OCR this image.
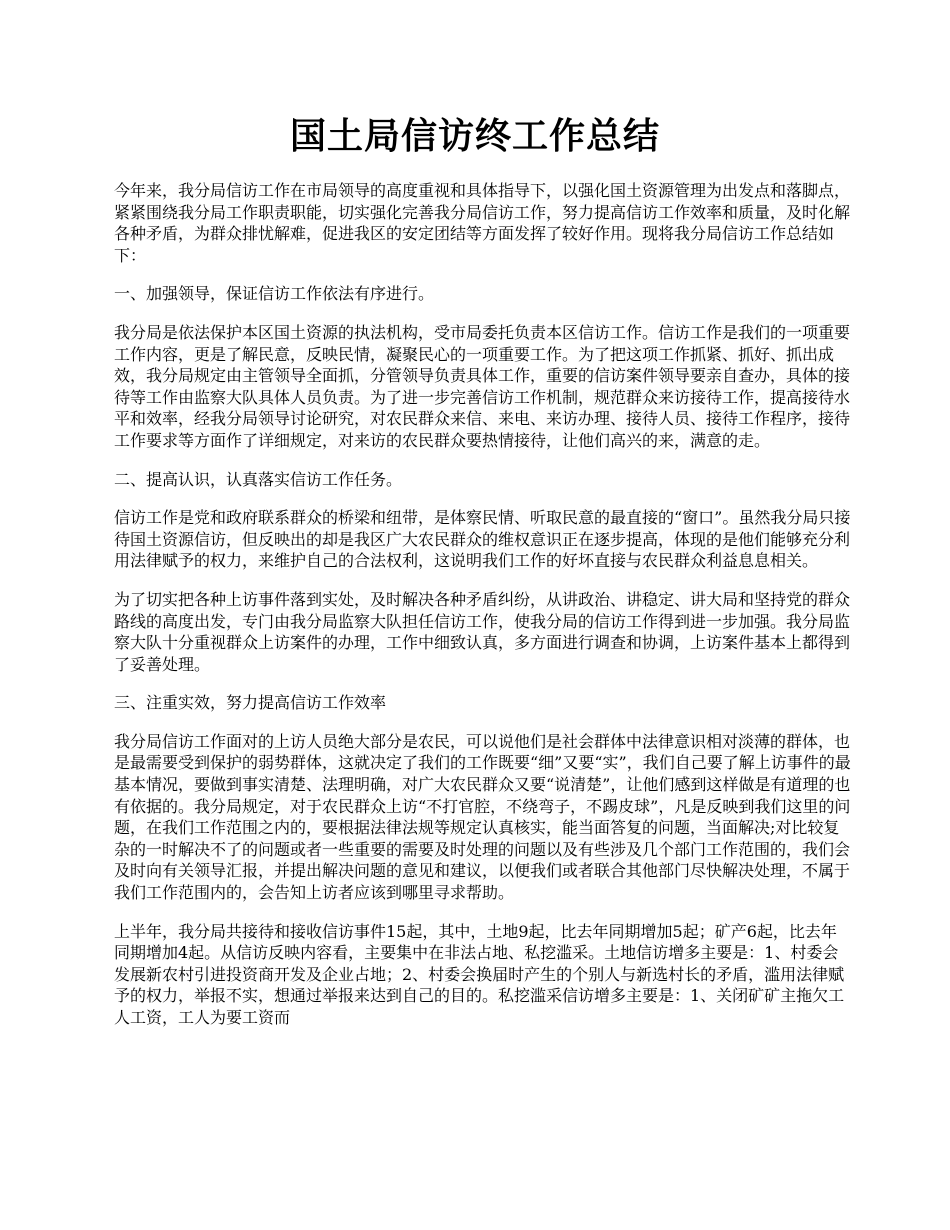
国土局信访终工作总结

今年来，我分局信访工作在市局领导的高度重视和具体指导下，以强化国土资源管理为出发点和落脚点，紧紧围绕我分局工作职责职能，切实强化完善我分局信访工作，努力提高信访工作效率和质量，及时化解各种矛盾，为群众排忧解难，促进我区的安定团结等方面发挥了较好作用。现将我分局信访工作总结如下：

一、加强领导，保证信访工作依法有序进行。

我分局是依法保护本区国土资源的执法机构，受市局委托负责本区信访工作。信访工作是我们的一项重要工作内容，更是了解民意，反映民情，凝聚民心的一项重要工作。为了把这项工作抓紧、抓好、抓出成效，我分局规定由主管领导全面抓，分管领导负责具体工作，重要的信访案件领导要亲自查办，具体的接待等工作由监察大队具体人员负责。为了进一步完善信访工作机制，规范群众来访接待工作，提高接待水平和效率，经我分局领导讨论研究，对农民群众来信、来电、来访办理、接待人员、接待工作程序，接待工作要求等方面作了详细规定，对来访的农民群众要热情接待，让他们高兴的来，满意的走。

二、提高认识，认真落实信访工作任务。

信访工作是党和政府联系群众的桥梁和纽带，是体察民情、听取民意的最直接的“窗口”。虽然我分局只接待国土资源信访，但反映出的却是我区广大农民群众的维权意识正在逐步提高，体现的是他们能够充分利用法律赋予的权力，来维护自己的合法权利，这说明我们工作的好坏直接与农民群众利益息息相关。

为了切实把各种上访事件落到实处，及时解决各种矛盾纠纷，从讲政治、讲稳定、讲大局和坚持党的群众路线的高度出发，专门由我分局监察大队担任信访工作，使我分局的信访工作得到进一步加强。我分局监察大队十分重视群众上访案件的办理，工作中细致认真，多方面进行调查和协调，上访案件基本上都得到了妥善处理。

三、注重实效，努力提高信访工作效率

我分局信访工作面对的上访人员绝大部分是农民，可以说他们是社会群体中法律意识相对淡薄的群体，也是最需要受到保护的弱势群体，这就决定了我们的工作既要“细”又要“实”，我们自己要了解上访事件的最基本情况，要做到事实清楚、法理明确，对广大农民群众又要“说清楚”，让他们感到这样做是有道理的也有依据的。我分局规定，对于农民群众上访“不打官腔，不绕弯子，不踢皮球”，凡是反映到我们这里的问题，在我们工作范围之内的，要根据法律法规等规定认真核实，能当面答复的问题，当面解决;对比较复杂的一时解决不了的问题或者一些重要的需要及时处理的问题以及有些涉及几个部门工作范围的，我们会及时向有关领导汇报，并提出解决问题的意见和建议，以便我们或者联合其他部门尽快解决处理，不属于我们工作范围内的，会告知上访者应该到哪里寻求帮助。

上半年，我分局共接待和接收信访事件15起，其中，土地9起，比去年同期增加5起；矿产6起，比去年同期增加4起。从信访反映内容看，主要集中在非法占地、私挖滥采。土地信访增多主要是：1、村委会发展新农村引进投资商开发及企业占地；2、村委会换届时产生的个别人与新选村长的矛盾，滥用法律赋予的权力，举报不实，想通过举报来达到自己的目的。私挖滥采信访增多主要是：1、关闭矿矿主拖欠工人工资，工人为要工资而
